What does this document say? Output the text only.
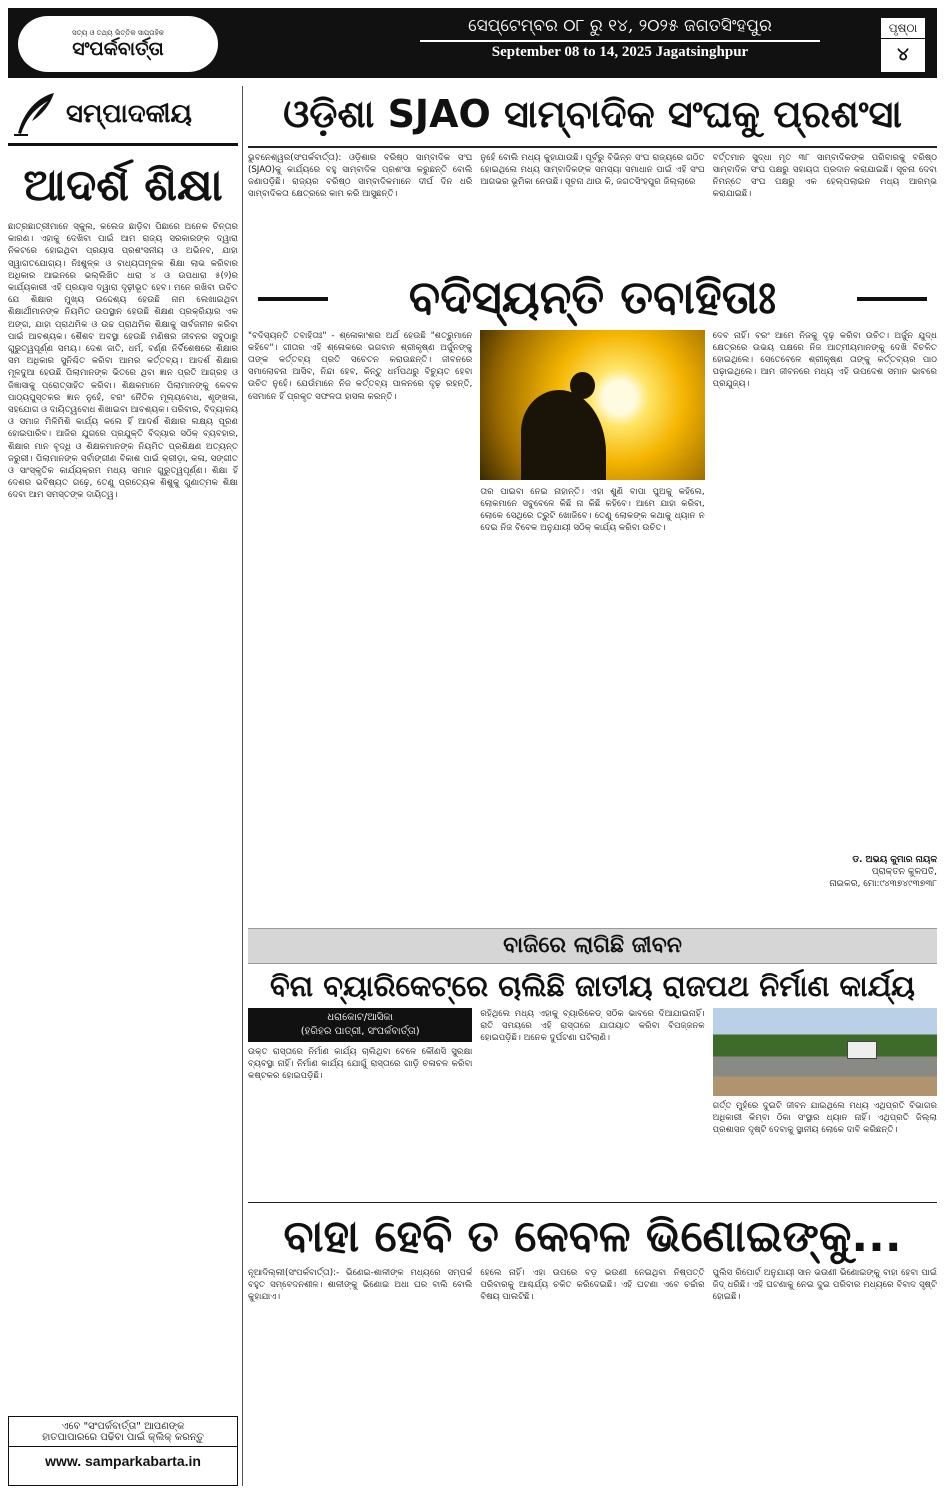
ସତ୍ୟ ଓ ତଥ୍ୟ ଭିତ୍ତିକ ସାପ୍ତାହିକ
ସଂପର୍କବାର୍ତ୍ତା
ସେପ୍ଟେମ୍ବର ୦୮ ରୁ ୧୪, ୨୦୨୫ ଜଗତସିଂହପୁର
September 08 to 14, 2025 Jagatsinghpur
ପୃଷ୍ଠା
୪
ସମ୍ପାଦକୀୟ
ଆଦର୍ଶ ଶିକ୍ଷା
ଛାତ୍ରଛାତ୍ରୀମାନେ ସ୍କୁଲ, କଲେଜ ଛାଡ଼ିବା ପିଛାରେ ଅନେକ ଚିନ୍ତାର କାରଣ। ଏହାକୁ ଦେଖିବା ପାଇଁ ଆମ ରାଜ୍ୟ ସରକାରଙ୍କ ଦ୍ୱାରା ନିକଟରେ ହୋଇଥିବା ପ୍ରୟାସ ପ୍ରଶଂସନୀୟ ଓ ଅଭିନବ, ଯାହା ସ୍ୱାଗତଯୋଗ୍ୟ। ନିଃଶୁଳ୍କ ଓ ବାଧ୍ୟତାମୂଳକ ଶିକ୍ଷା ଲାଭ କରିବାର ଅଧିକାର ଆଇନରେ ଭଲ୍ଲିଖିତ ଧାରା ୪ ଓ ଉପଧାରା ୫(୨)ର କାର୍ଯ୍ୟକାରୀ ଏହି ପ୍ରୟାସ ଦ୍ୱାରା ଦୃଢ଼ୀଭୂତ ହେବ। ମନେ ରଖିବା ଉଚିତ ଯେ ଶିକ୍ଷାର ମୁଖ୍ୟ ଉଦ୍ଦେଶ୍ୟ ହେଉଛି ନାମ ଲେଖାଇଥିବା ଶିକ୍ଷାର୍ଥୀମାନଙ୍କ ନିୟମିତ ଉପସ୍ଥାନ ହେଉଛି ଶିକ୍ଷଣ ପ୍ରକ୍ରିୟାର ଏକ ଅଙ୍ଗ, ଯାହା ପ୍ରାଥମିକ ଓ ଉଚ୍ଚ ପ୍ରାଥମିକ ଶିକ୍ଷାକୁ ସାର୍ବଜନୀନ କରିବା ପାଇଁ ଆବଶ୍ୟକ। ଶୈଶବ ଅବସ୍ଥା ହେଉଛି ମଣିଷର ଜୀବନର ସବୁଠାରୁ ଗୁରୁତ୍ୱପୂର୍ଣ୍ଣ ସମୟ। ଦେଶ ଜାତି, ଧର୍ମ, ବର୍ଣ୍ଣ ନିର୍ବିଶେଷରେ ଶିକ୍ଷାର ସମ ଅଧିକାର ସୁନିଶ୍ଚିତ କରିବା ଆମର କର୍ତ୍ତବ୍ୟ। ଆଦର୍ଶ ଶିକ୍ଷାର ମୂଳଦୁଆ ହେଉଛି ପିଲାମାନଙ୍କ ଭିତରେ ଥିବା ଜ୍ଞାନ ପ୍ରତି ଆଗ୍ରହ ଓ ଜିଜ୍ଞାସାକୁ ପ୍ରୋତ୍ସାହିତ କରିବା। ଶିକ୍ଷକମାନେ ପିଲାମାନଙ୍କୁ କେବଳ ପାଠ୍ୟପୁସ୍ତକର ଜ୍ଞାନ ନୁହେଁ, ବରଂ ନୈତିକ ମୂଲ୍ୟବୋଧ, ଶୃଙ୍ଖଳା, ସହଯୋଗ ଓ ଦାୟିତ୍ୱବୋଧ ଶିଖାଇବା ଆବଶ୍ୟକ। ପରିବାର, ବିଦ୍ୟାଳୟ ଓ ସମାଜ ମିଳିମିଶି କାର୍ଯ୍ୟ କଲେ ହିଁ ଆଦର୍ଶ ଶିକ୍ଷାର ଲକ୍ଷ୍ୟ ପୂରଣ ହୋଇପାରିବ। ଆଜିର ଯୁଗରେ ପ୍ରଯୁକ୍ତି ବିଦ୍ୟାର ସଠିକ୍ ବ୍ୟବହାର, ଶିକ୍ଷାର ମାନ ବୃଦ୍ଧି ଓ ଶିକ୍ଷକମାନଙ୍କ ନିୟମିତ ପ୍ରଶିକ୍ଷଣ ଅତ୍ୟନ୍ତ ଜରୁରୀ। ପିଲାମାନଙ୍କ ସର୍ବାଙ୍ଗୀଣ ବିକାଶ ପାଇଁ କ୍ରୀଡ଼ା, କଳା, ସଙ୍ଗୀତ ଓ ସାଂସ୍କୃତିକ କାର୍ଯ୍ୟକ୍ରମ ମଧ୍ୟ ସମାନ ଗୁରୁତ୍ୱପୂର୍ଣ୍ଣ। ଶିକ୍ଷା ହିଁ ଦେଶର ଭବିଷ୍ୟତ ଗଢ଼େ, ତେଣୁ ପ୍ରତ୍ୟେକ ଶିଶୁକୁ ଗୁଣାତ୍ମକ ଶିକ୍ଷା ଦେବା ଆମ ସମସ୍ତଙ୍କ ଦାୟିତ୍ୱ।
ଏବେ "ସଂପର୍କବାର୍ତ୍ତା" ଆପଣଙ୍କ
ହାତପାପାରରେ ପଢିବା ପାଇଁ କ୍ଲିକ୍ କରନ୍ତୁ
www. samparkabarta.in
ଓଡ଼ିଶା SJAO ସାମ୍ବାଦିକ ସଂଘକୁ ପ୍ରଶଂସା
ଭୁବନେଶ୍ୱର(ସଂପର୍କବାର୍ତ୍ତା): ଓଡ଼ିଶାର ବରିଷ୍ଠ ସାମ୍ବାଦିକ ସଂଘ (SJAO)କୁ କାର୍ଯ୍ୟରେ ବହୁ ସାମ୍ବାଦିକ ପ୍ରଶଂସା କରୁଛନ୍ତି ବୋଲି ଜଣାପଡ଼ିଛି। ରାଜ୍ୟର ବରିଷ୍ଠ ସାମ୍ବାଦିକମାନେ ଦୀର୍ଘ ଦିନ ଧରି ସାମ୍ବାଦିକତା କ୍ଷେତ୍ରରେ କାମ କରି ଆସୁଛନ୍ତି।
ନୁହେଁ ବୋଲି ମଧ୍ୟ କୁହାଯାଉଛି। ପୂର୍ବରୁ ବିଭିନ୍ନ ସଂଘ ରାଜ୍ୟରେ ଗଠିତ ହୋଇଥିଲେ ମଧ୍ୟ ସାମ୍ବାଦିକଙ୍କ ସମସ୍ୟା ସମାଧାନ ପାଇଁ ଏହି ସଂଘ ଆଗଭର ଭୂମିକା ନେଉଛି। ସୂଚନା ଥାଉ କି, ଜଗତସିଂହପୁର ଜିଲ୍ଲାରେ
ବର୍ତ୍ତମାନ ସୁଦ୍ଧା ମୃତ ୩୮ ସାମ୍ବାଦିକଙ୍କ ପରିବାରକୁ ବରିଷ୍ଠ ସାମ୍ବାଦିକ ସଂଘ ପକ୍ଷରୁ ସହାୟତା ପ୍ରଦାନ କରାଯାଇଛି। ସୂଚନା ଦେବା ନିମନ୍ତେ ସଂଘ ପକ୍ଷରୁ ଏକ ହେଲ୍ପଲାଇନ ମଧ୍ୟ ଆରମ୍ଭ କରାଯାଇଛି।
ବଦିସ୍ୟନ୍ତି ତବାହିତାଃ
"ବଦିସ୍ୟନ୍ତି ତବାହିତାଃ" - ଶ୍ଳୋକାଂଶର ଅର୍ଥ ହେଉଛି "ଶତ୍ରୁମାନେ କହିବେ"। ଗୀତାର ଏହି ଶ୍ଳୋକରେ ଭଗବାନ ଶ୍ରୀକୃଷ୍ଣ ଅର୍ଜୁନଙ୍କୁ ତାଙ୍କ କର୍ତ୍ତବ୍ୟ ପ୍ରତି ସଚେତନ କରାଉଛନ୍ତି। ଜୀବନରେ ସମାଲୋଚନା ଆସିବ, ନିନ୍ଦା ହେବ, କିନ୍ତୁ ଧର୍ମପଥରୁ ବିଚ୍ୟୁତ ହେବା ଉଚିତ ନୁହେଁ। ଯେଉଁମାନେ ନିଜ କର୍ତ୍ତବ୍ୟ ପାଳନରେ ଦୃଢ଼ ରହନ୍ତି, ସେମାନେ ହିଁ ପ୍ରକୃତ ସଫଳତା ହାସଲ କରନ୍ତି।
ତାର ପାଇବା ନେଇ ନାହାନ୍ତି। ଏହା ଶୁଣି ବାପା ପୁଅକୁ କହିଲେ, ଲୋକମାନେ ସବୁବେଳେ କିଛି ନା କିଛି କହିବେ। ଆମେ ଯାହା କରିବା, ଲୋକେ ସେଥିରେ ତ୍ରୁଟି ଖୋଜିବେ। ତେଣୁ ଲୋକଙ୍କ କଥାକୁ ଧ୍ୟାନ ନ ଦେଇ ନିଜ ବିବେକ ଅନୁଯାୟୀ ସଠିକ୍ କାର୍ଯ୍ୟ କରିବା ଉଚିତ।
ଦେବ ନାହିଁ। ବରଂ ଆମେ ନିଜକୁ ଦୃଢ଼ କରିବା ଉଚିତ। ଅର୍ଜୁନ ଯୁଦ୍ଧ କ୍ଷେତ୍ରରେ ଉଭୟ ପକ୍ଷରେ ନିଜ ଆତ୍ମୀୟମାନଙ୍କୁ ଦେଖି ବିଚଳିତ ହୋଇଥିଲେ। ସେତେବେଳେ ଶ୍ରୀକୃଷ୍ଣ ତାଙ୍କୁ କର୍ତ୍ତବ୍ୟର ପାଠ ପଢ଼ାଇଥିଲେ। ଆମ ଜୀବନରେ ମଧ୍ୟ ଏହି ଉପଦେଶ ସମାନ ଭାବରେ ପ୍ରଯୁଜ୍ୟ।
ଡ. ଅଭୟ କୁମାର ନାୟକ
ପ୍ରାକ୍ତନ କୁଳପତି,
ନାଇକର, ମୋ:୯୪୩୭୪୯୩୭୩୮
ବାଜିରେ ଲାଗିଛି ଜୀବନ
ବିନା ବ୍ୟାରିକେଟ୍‌ରେ ଚାଲିଛି ଜାତୀୟ ରାଜପଥ ନିର୍ମାଣ କାର୍ଯ୍ୟ
ଧରାକୋଟ/ଆସିକା
(ହରିହର ପାତ୍ରୀ, ସଂପର୍କବାର୍ତ୍ତା)
ଉକ୍ତ ରାସ୍ତାରେ ନିର୍ମାଣ କାର୍ଯ୍ୟ ଚାଲିଥିବା ବେଳେ କୌଣସି ସୁରକ୍ଷା ବ୍ୟବସ୍ଥା ନାହିଁ। ନିର୍ମାଣ କାର୍ଯ୍ୟ ଯୋଗୁଁ ରାସ୍ତାରେ ଗାଡ଼ି ଚଳାଚଳ କରିବା କଷ୍ଟକର ହୋଇପଡ଼ିଛି।
ରହିଥିଲେ ମଧ୍ୟ ଏହାକୁ ବ୍ୟାରିକେଡ୍ ସଠିକ ଭାବରେ ଦିଆଯାଇନାହିଁ। ରାତି ସମୟରେ ଏହି ରାସ୍ତାରେ ଯାତାୟାତ କରିବା ବିପଜ୍ଜନକ ହୋଇପଡ଼ିଛି। ଅନେକ ଦୁର୍ଘଟଣା ଘଟିଲାଣି।
ଗର୍ତ୍ତ ମୁହଁରେ ଦୁଇଟି ଜୀବନ ଯାଇଥିଲେ ମଧ୍ୟ ଏଥିପ୍ରତି ବିଭାଗର ଅଧିକାରୀ କିମ୍ବା ଠିକା ସଂସ୍ଥାର ଧ୍ୟାନ ନାହିଁ। ଏଥିପ୍ରତି ଜିଲ୍ଲା ପ୍ରଶାସନ ଦୃଷ୍ଟି ଦେବାକୁ ସ୍ଥାନୀୟ ଲୋକେ ଦାବି କରିଛନ୍ତି।
ବାହା ହେବି ତ କେବଳ ଭିଣୋଇଙ୍କୁ...
ନୂଆଦିଲ୍ଲୀ(ସଂପର୍କବାର୍ତ୍ତା):- ଭିଣେଇ-ଶାଳୀଙ୍କ ମଧ୍ୟରେ ସମ୍ପର୍କ ବହୁତ ସମ୍ବେଦନଶୀଳ। ଶାଳୀଙ୍କୁ ଭିଣୋଇ ଅଧା ଘର ବାଲି ବୋଲି କୁହାଯାଏ।
ହେଲେ ନାହିଁ। ଏହା ଉପରେ ବଡ଼ ଭଉଣୀ ନେଇଥିବା ନିଷ୍ପତ୍ତି ପରିବାରକୁ ଆଶ୍ଚର୍ଯ୍ୟ ଚକିତ କରିଦେଇଛି। ଏହି ଘଟଣା ଏବେ ଚର୍ଚ୍ଚାର ବିଷୟ ପାଲଟିଛି।
ପୁଲିସ ରିପୋର୍ଟ ଅନୁଯାୟୀ ସାନ ଭଉଣୀ ଭିଣୋଇଙ୍କୁ ବାହା ହେବା ପାଇଁ ଜିଦ୍ ଧରିଛି। ଏହି ଘଟଣାକୁ ନେଇ ଦୁଇ ପରିବାର ମଧ୍ୟରେ ବିବାଦ ସୃଷ୍ଟି ହୋଇଛି।
